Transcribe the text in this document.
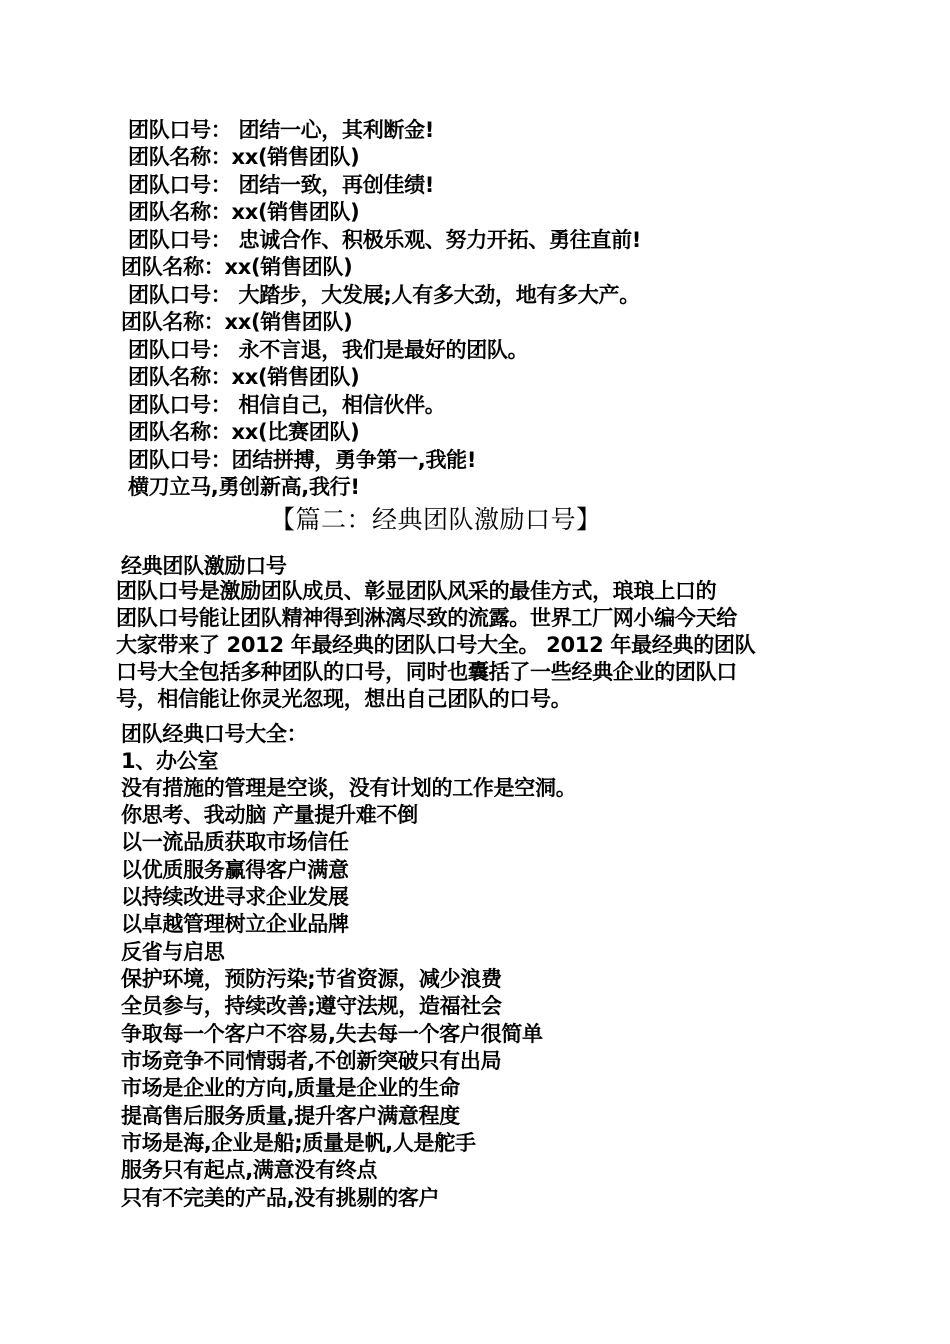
团队口号： 团结一心，其利断金!
团队名称：xx(销售团队)
团队口号： 团结一致，再创佳绩!
团队名称：xx(销售团队)
团队口号： 忠诚合作、积极乐观、努力开拓、勇往直前!
团队名称：xx(销售团队)
团队口号： 大踏步，大发展;人有多大劲，地有多大产。
团队名称：xx(销售团队)
团队口号： 永不言退，我们是最好的团队。
团队名称：xx(销售团队)
团队口号： 相信自己，相信伙伴。
团队名称：xx(比赛团队)
团队口号：团结拼搏，勇争第一,我能!
横刀立马,勇创新高,我行!
【篇二：经典团队激励口号】
经典团队激励口号
团队口号是激励团队成员、彰显团队风采的最佳方式，琅琅上口的
团队口号能让团队精神得到淋漓尽致的流露。世界工厂网小编今天给
大家带来了 2012 年最经典的团队口号大全。 2012 年最经典的团队
口号大全包括多种团队的口号，同时也囊括了一些经典企业的团队口
号，相信能让你灵光忽现，想出自己团队的口号。
团队经典口号大全：
1、办公室
没有措施的管理是空谈，没有计划的工作是空洞。
你思考、我动脑 产量提升难不倒
以一流品质获取市场信任
以优质服务赢得客户满意
以持续改进寻求企业发展
以卓越管理树立企业品牌
反省与启思
保护环境，预防污染;节省资源，减少浪费
全员参与，持续改善;遵守法规，造福社会
争取每一个客户不容易,失去每一个客户很简单
市场竞争不同情弱者,不创新突破只有出局
市场是企业的方向,质量是企业的生命
提高售后服务质量,提升客户满意程度
市场是海,企业是船;质量是帆,人是舵手
服务只有起点,满意没有终点
只有不完美的产品,没有挑剔的客户
